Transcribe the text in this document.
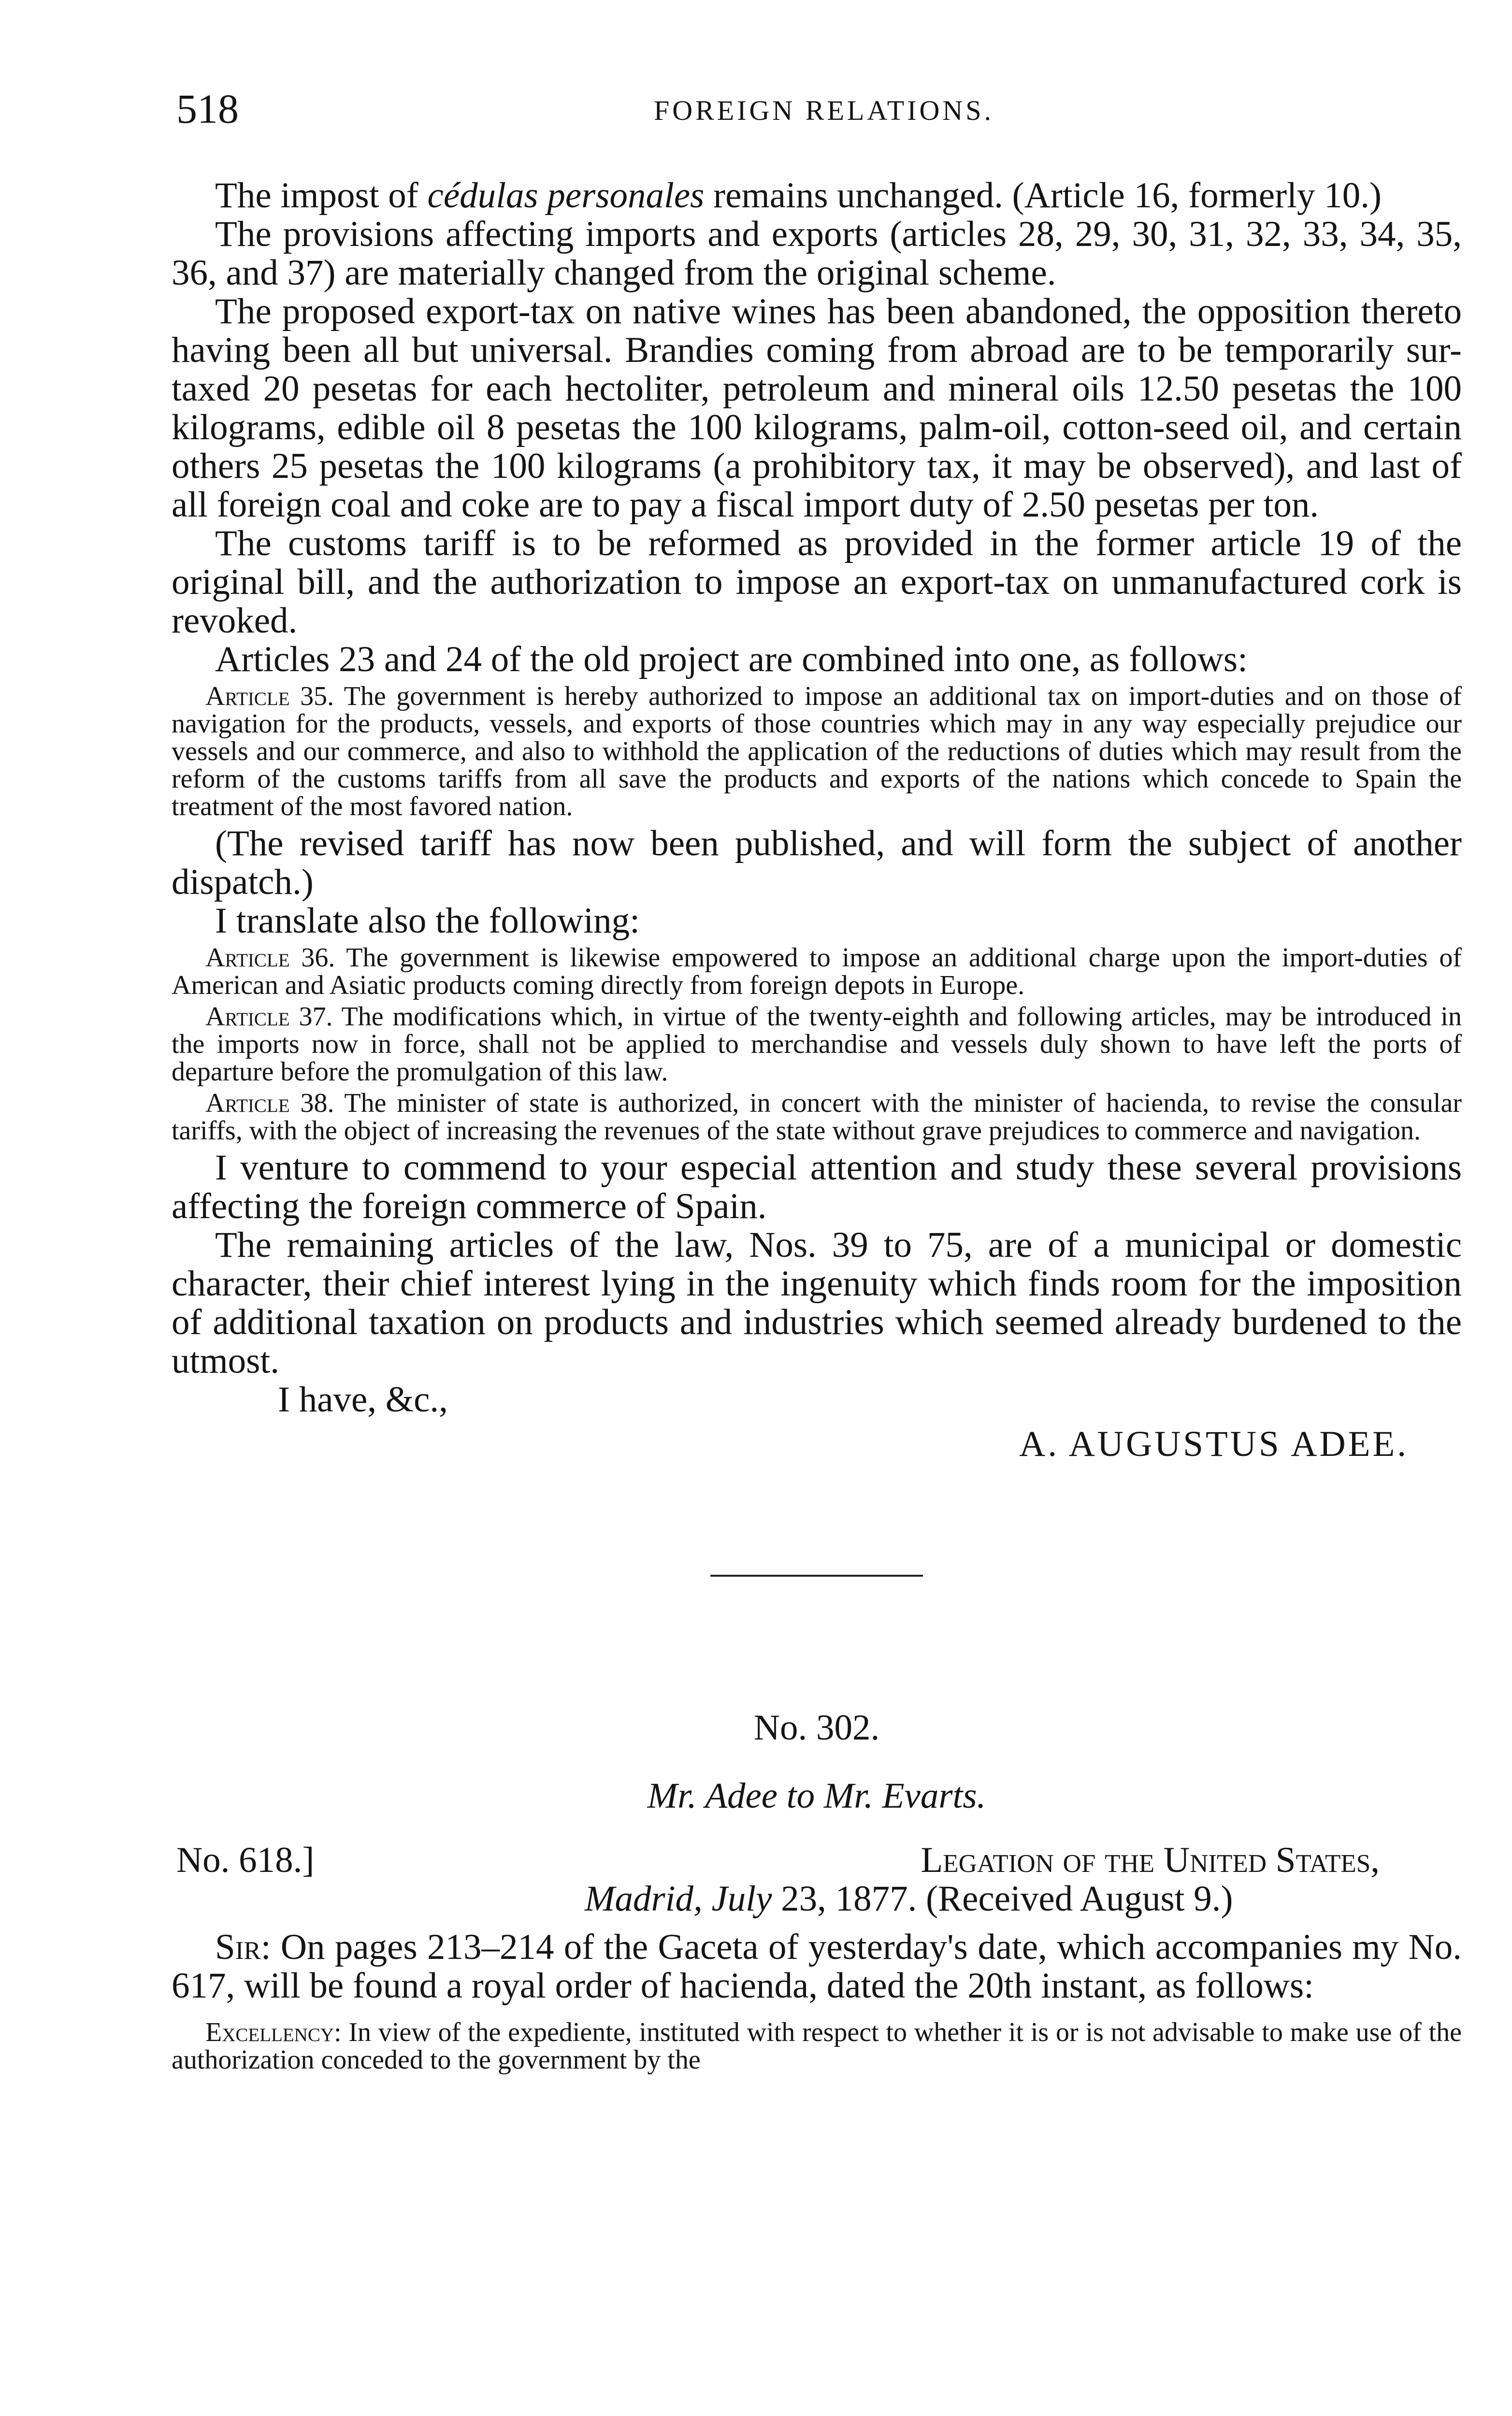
518	FOREIGN RELATIONS.

The impost of cédulas personales remains unchanged. (Article 16, formerly 10.)

The provisions affecting imports and exports (articles 28, 29, 30, 31, 32, 33, 34, 35, 36, and 37) are materially changed from the original scheme.

The proposed export-tax on native wines has been abandoned, the opposition thereto having been all but universal. Brandies coming from abroad are to be temporarily sur-taxed 20 pesetas for each hectoliter, petroleum and mineral oils 12.50 pesetas the 100 kilograms, edible oil 8 pesetas the 100 kilograms, palm-oil, cotton-seed oil, and certain others 25 pesetas the 100 kilograms (a prohibitory tax, it may be observed), and last of all foreign coal and coke are to pay a fiscal import duty of 2.50 pesetas per ton.

The customs tariff is to be reformed as provided in the former article 19 of the original bill, and the authorization to impose an export-tax on unmanufactured cork is revoked.

Articles 23 and 24 of the old project are combined into one, as follows:

Article 35. The government is hereby authorized to impose an additional tax on import-duties and on those of navigation for the products, vessels, and exports of those countries which may in any way especially prejudice our vessels and our commerce, and also to withhold the application of the reductions of duties which may result from the reform of the customs tariffs from all save the products and exports of the nations which concede to Spain the treatment of the most favored nation.

(The revised tariff has now been published, and will form the subject of another dispatch.)

I translate also the following:

Article 36. The government is likewise empowered to impose an additional charge upon the import-duties of American and Asiatic products coming directly from foreign depots in Europe.

Article 37. The modifications which, in virtue of the twenty-eighth and following articles, may be introduced in the imports now in force, shall not be applied to merchandise and vessels duly shown to have left the ports of departure before the promulgation of this law.

Article 38. The minister of state is authorized, in concert with the minister of hacienda, to revise the consular tariffs, with the object of increasing the revenues of the state without grave prejudices to commerce and navigation.

I venture to commend to your especial attention and study these several provisions affecting the foreign commerce of Spain.

The remaining articles of the law, Nos. 39 to 75, are of a municipal or domestic character, their chief interest lying in the ingenuity which finds room for the imposition of additional taxation on products and industries which seemed already burdened to the utmost.

I have, &c.,

A. AUGUSTUS ADEE.

No. 302.
Mr. Adee to Mr. Evarts.
No. 618.]	Legation of the United States,
Madrid, July 23, 1877. (Received August 9.)

Sir: On pages 213–214 of the Gaceta of yesterday's date, which accompanies my No. 617, will be found a royal order of hacienda, dated the 20th instant, as follows:

Excellency: In view of the expediente, instituted with respect to whether it is or is not advisable to make use of the authorization conceded to the government by the
